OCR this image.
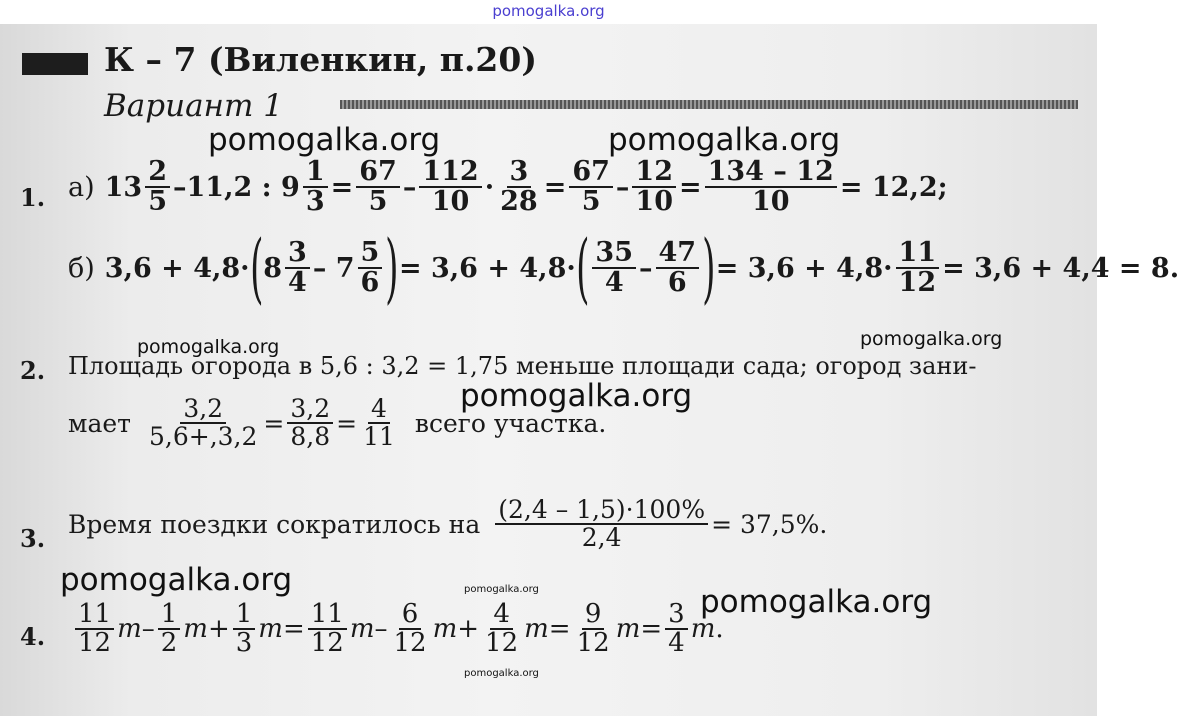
pomogalka.org
К – 7 (Виленкин, п.20)
Вариант 1
1. а) 13
2
5 –11,2 : $9 \frac{1}{3} = \frac{67}{5}$ –
112
$10 \cdot \frac{3}{28} = \frac{67}{5} - \frac{12}{10} = \frac{134 - 12}{10} = 12,2$;
б) 3,6 + 4,8· ( 8
3
4 – 7
5
6 ) = 3,6 + 4,8· ( 35
4 –
47
6 ) = $3,6 + 4,8\cdot \frac{11}{12} = 3,6 + 4,4 = 8$.
2. Площадь огорода в 5,6 : 3,2 = 1,75 меньше площади сада; огород зани-
мает $\frac{3,2}{5,6+,3,2} = \frac{3,2}{8,8} = \frac{4}{11}$ всего участка.
3. Время поездки сократилось на $\frac{(2,4 - 1,5)\cdot 100\%}{2,4} = 37,5\%$.
4.
11
12 m –
1
2 $m + \frac{1}{3}$ $m = \frac{11}{12}$ m –
6
12 $m + \frac{4}{12}$ $m = \frac{9}{12}$ $m = \frac{3}{4}$ m .
pomogalka.org	pomogalka.org
pomogalka.org
pomogalka.org
pomogalka.org
pomogalka.org	pomogalka.org	pomogalka.org
pomogalka.org
